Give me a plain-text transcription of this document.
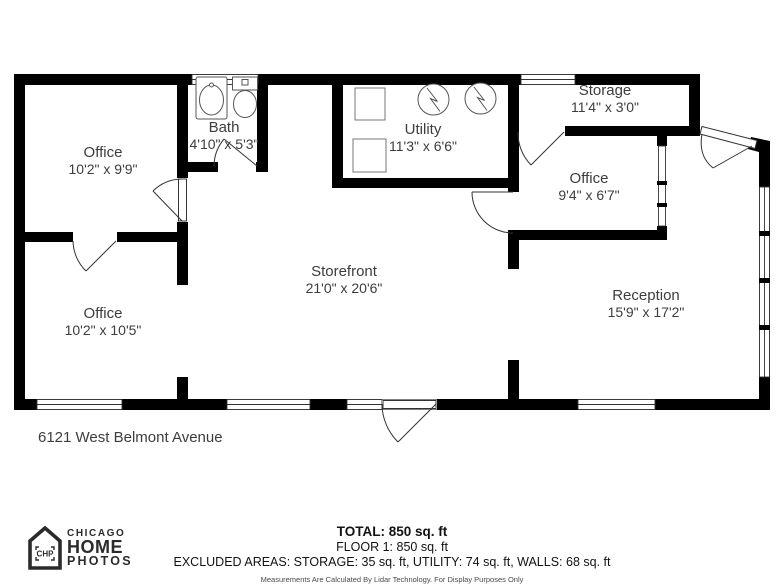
Office
10'2" x 9'9"
Bath
4'10" x 5'3"
Utility
11'3" x 6'6"
Storage
11'4" x 3'0"
Office
9'4" x 6'7"
Storefront
21'0" x 20'6"
Office
10'2" x 10'5"
Reception
15'9" x 17'2"
6121 West Belmont Avenue
TOTAL: 850 sq. ft
FLOOR 1: 850 sq. ft
EXCLUDED AREAS: STORAGE: 35 sq. ft, UTILITY: 74 sq. ft, WALLS: 68 sq. ft
Measurements Are Calculated By Lidar Technology. For Display Purposes Only
CHP
CHICAGO
HOME
PHOTOS
